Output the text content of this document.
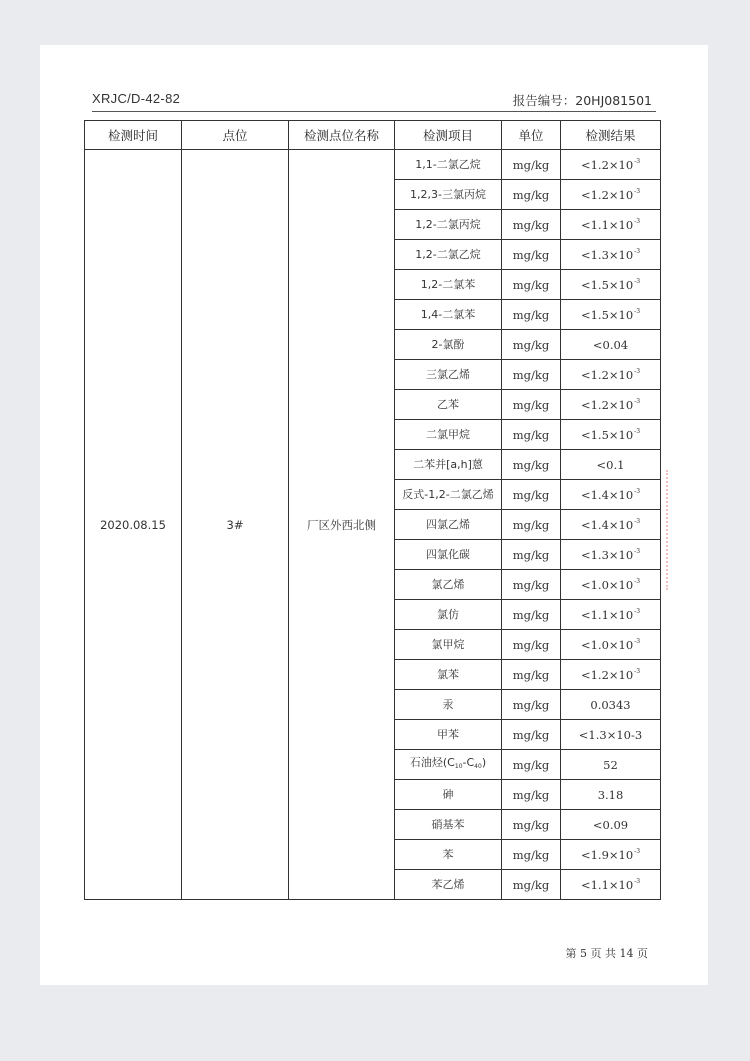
XRJC/D-42-82	报告编号：20HJ081501
检测时间	点位	检测点位名称	检测项目	单位	检测结果
2020.08.15	3#	厂区外西北侧	1,1-二氯乙烷	mg/kg	$<1.2\times 10^{-3}$
			1,2,3-三氯丙烷	mg/kg	$<1.2\times 10^{-3}$
			1,2-二氯丙烷	mg/kg	$<1.1\times 10^{-3}$
			1,2-二氯乙烷	mg/kg	$<1.3\times 10^{-3}$
			1,2-二氯苯	mg/kg	$<1.5\times 10^{-3}$
			1,4-二氯苯	mg/kg	$<1.5\times 10^{-3}$
			2-氯酚	mg/kg	<0.04
			三氯乙烯	mg/kg	$<1.2\times 10^{-3}$
			乙苯	mg/kg	$<1.2\times 10^{-3}$
			二氯甲烷	mg/kg	$<1.5\times 10^{-3}$
			二苯并[a,h]蒽	mg/kg	<0.1
			反式-1,2-二氯乙烯	mg/kg	$<1.4\times 10^{-3}$
			四氯乙烯	mg/kg	$<1.4\times 10^{-3}$
			四氯化碳	mg/kg	$<1.3\times 10^{-3}$
			氯乙烯	mg/kg	$<1.0\times 10^{-3}$
			氯仿	mg/kg	$<1.1\times 10^{-3}$
			氯甲烷	mg/kg	$<1.0\times 10^{-3}$
			氯苯	mg/kg	$<1.2\times 10^{-3}$
			汞	mg/kg	0.0343
			甲苯	mg/kg	<1.3×10-3
			石油烃$(C_{10}-C_{40})$	mg/kg	52
			砷	mg/kg	3.18
			硝基苯	mg/kg	<0.09
			苯	mg/kg	$<1.9\times 10^{-3}$
			苯乙烯	mg/kg	$<1.1\times 10^{-3}$
第 5 页 共 14 页
